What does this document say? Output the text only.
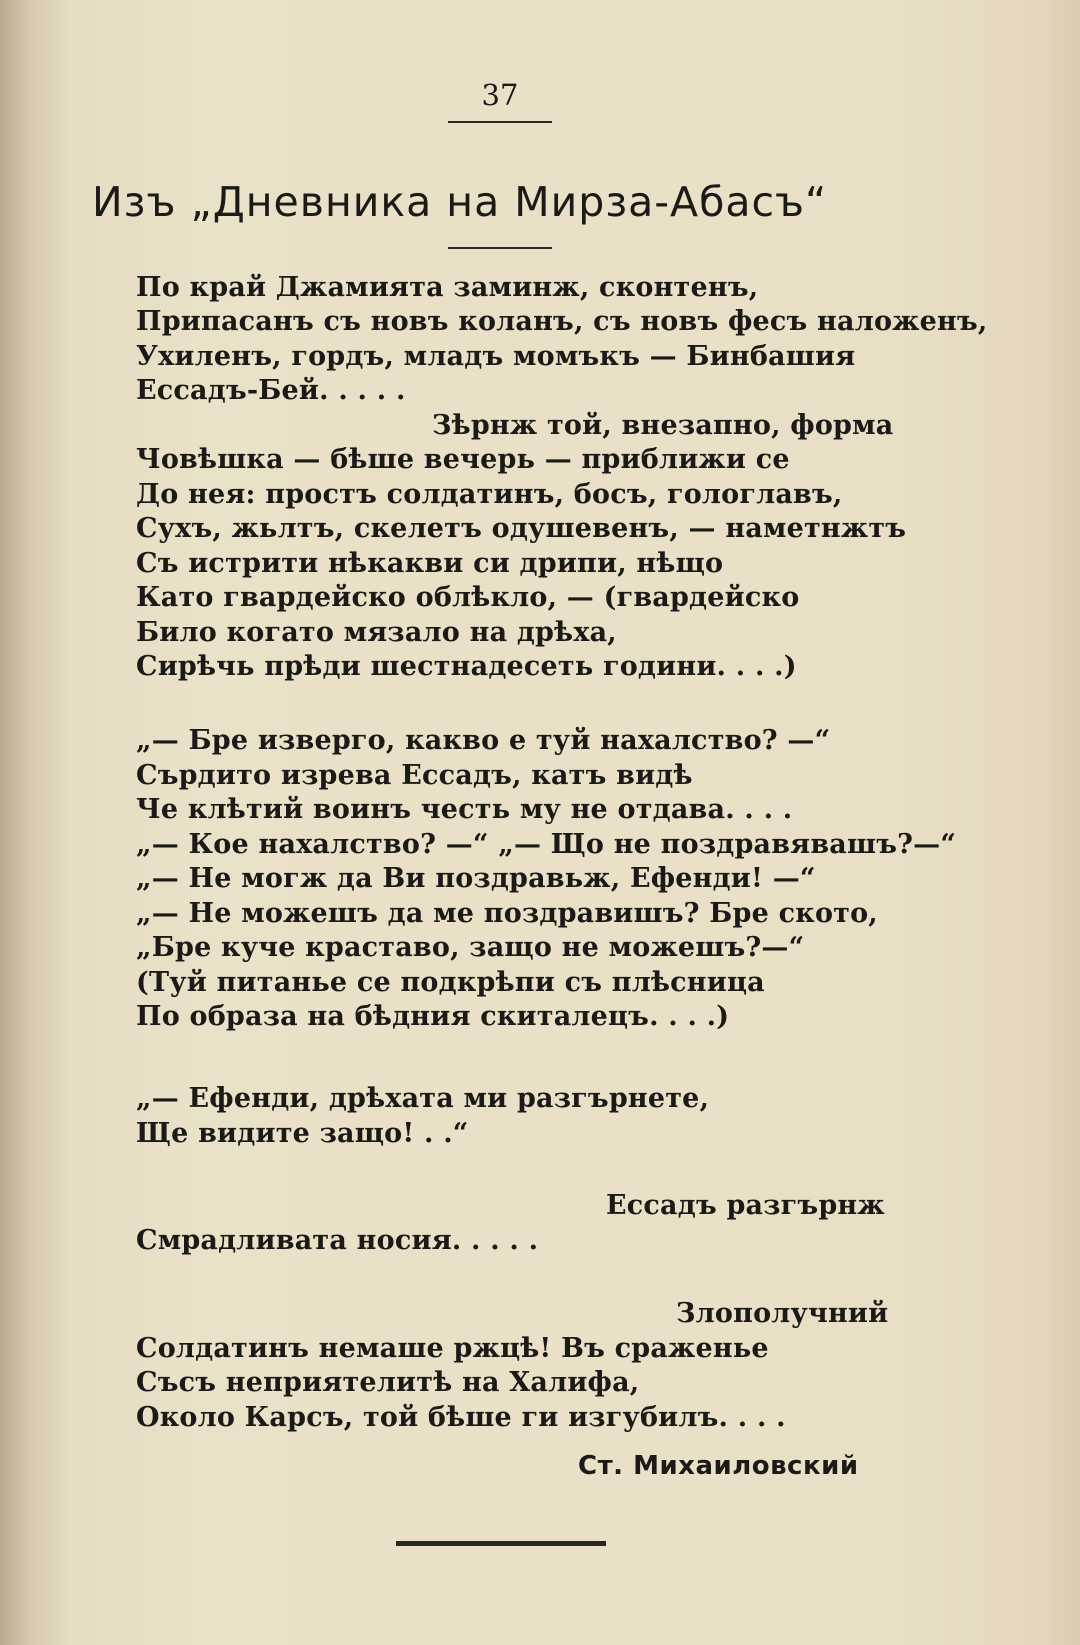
37
Изъ „Дневника на Мирза-Абасъ“
По край Джамията заминж, сконтенъ,
Припасанъ съ новъ коланъ, съ новъ фесъ наложенъ,
Ухиленъ, гордъ, младъ момъкъ — Бинбашия
Ессадъ-Бей. . . . .
Зѣрнж той, внезапно, форма
Човѣшка — бѣше вечерь — приближи се
До нея: простъ солдатинъ, босъ, гологлавъ,
Сухъ, жьлтъ, скелетъ одушевенъ, — наметнжтъ
Съ истрити нѣкакви си дрипи, нѣщо
Като гвардейско облѣкло, — (гвардейско
Било когато мязало на дрѣха,
Сирѣчь прѣди шестнадесеть години. . . .)
„— Бре изверго, какво е туй нахалство? —“
Сърдито изрева Ессадъ, катъ видѣ
Че клѣтий воинъ честь му не отдава. . . .
„— Кое нахалство? —“ „— Що не поздравявашъ?—“
„— Не могж да Ви поздравьж, Ефенди! —“
„— Не можешъ да ме поздравишъ? Бре ското,
„Бре куче краставо, защо не можешъ?—“
(Туй питанье се подкрѣпи съ плѣсница
По образа на бѣдния скиталецъ. . . .)
„— Ефенди, дрѣхата ми разгърнете,
Ще видите защо! . .“
Ессадъ разгърнж
Смрадливата носия. . . . .
Злополучний
Солдатинъ немаше ржцѣ! Въ сраженье
Съсъ неприятелитѣ на Халифа,
Около Карсъ, той бѣше ги изгубилъ. . . .
Ст. Михаиловский
